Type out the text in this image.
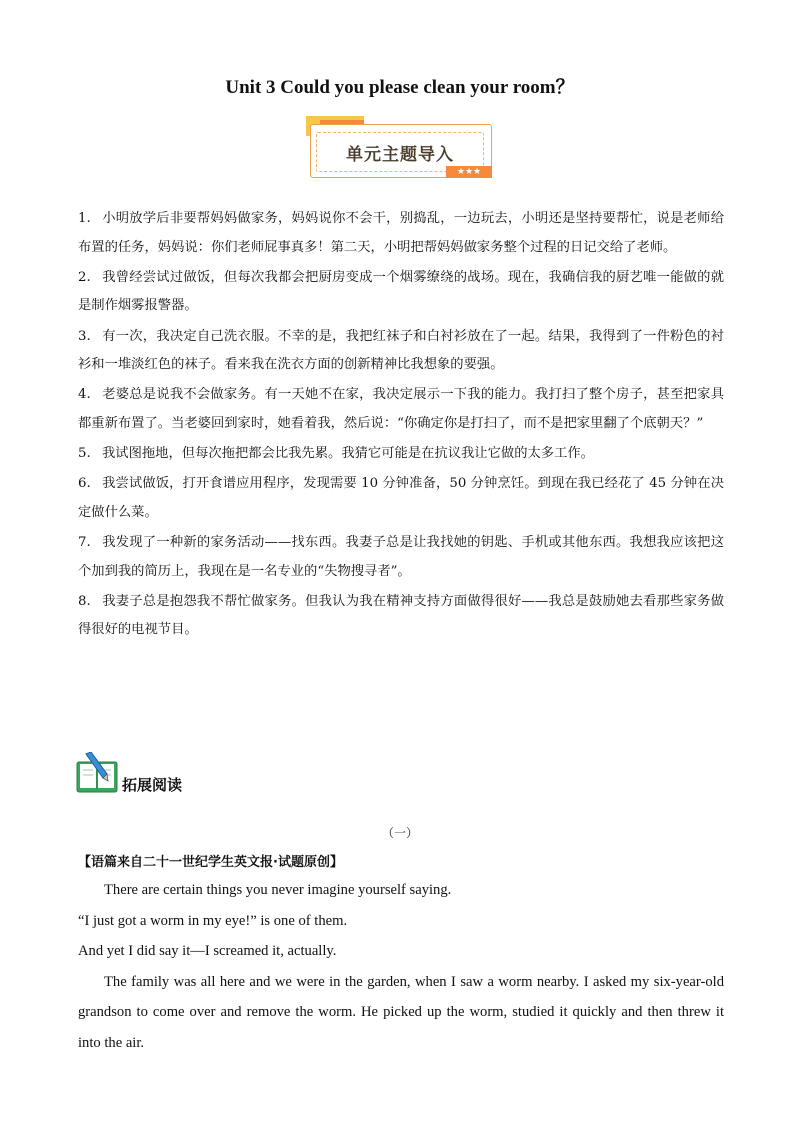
Unit 3 Could you please clean your room？
单元主题导入
★★★

1. 小明放学后非要帮妈妈做家务，妈妈说你不会干，别捣乱，一边玩去，小明还是坚持要帮忙，说是老师给布置的任务，妈妈说：你们老师屁事真多！第二天，小明把帮妈妈做家务整个过程的日记交给了老师。

2. 我曾经尝试过做饭，但每次我都会把厨房变成一个烟雾缭绕的战场。现在，我确信我的厨艺唯一能做的就是制作烟雾报警器。

3. 有一次，我决定自己洗衣服。不幸的是，我把红袜子和白衬衫放在了一起。结果，我得到了一件粉色的衬衫和一堆淡红色的袜子。看来我在洗衣方面的创新精神比我想象的要强。

4. 老婆总是说我不会做家务。有一天她不在家，我决定展示一下我的能力。我打扫了整个房子，甚至把家具都重新布置了。当老婆回到家时，她看着我，然后说：“你确定你是打扫了，而不是把家里翻了个底朝天？”

5. 我试图拖地，但每次拖把都会比我先累。我猜它可能是在抗议我让它做的太多工作。

6. 我尝试做饭，打开食谱应用程序，发现需要 10 分钟准备，50 分钟烹饪。到现在我已经花了 45 分钟在决定做什么菜。

7. 我发现了一种新的家务活动——找东西。我妻子总是让我找她的钥匙、手机或其他东西。我想我应该把这个加到我的简历上，我现在是一名专业的“失物搜寻者”。

8. 我妻子总是抱怨我不帮忙做家务。但我认为我在精神支持方面做得很好——我总是鼓励她去看那些家务做得很好的电视节目。

拓展阅读
（一）
【语篇来自二十一世纪学生英文报·试题原创】

There are certain things you never imagine yourself saying.

“I just got a worm in my eye!” is one of them.

And yet I did say it—I screamed it, actually.

The family was all here and we were in the garden, when I saw a worm nearby. I asked my six-year-old grandson to come over and remove the worm. He picked up the worm, studied it quickly and then threw it into the air.
